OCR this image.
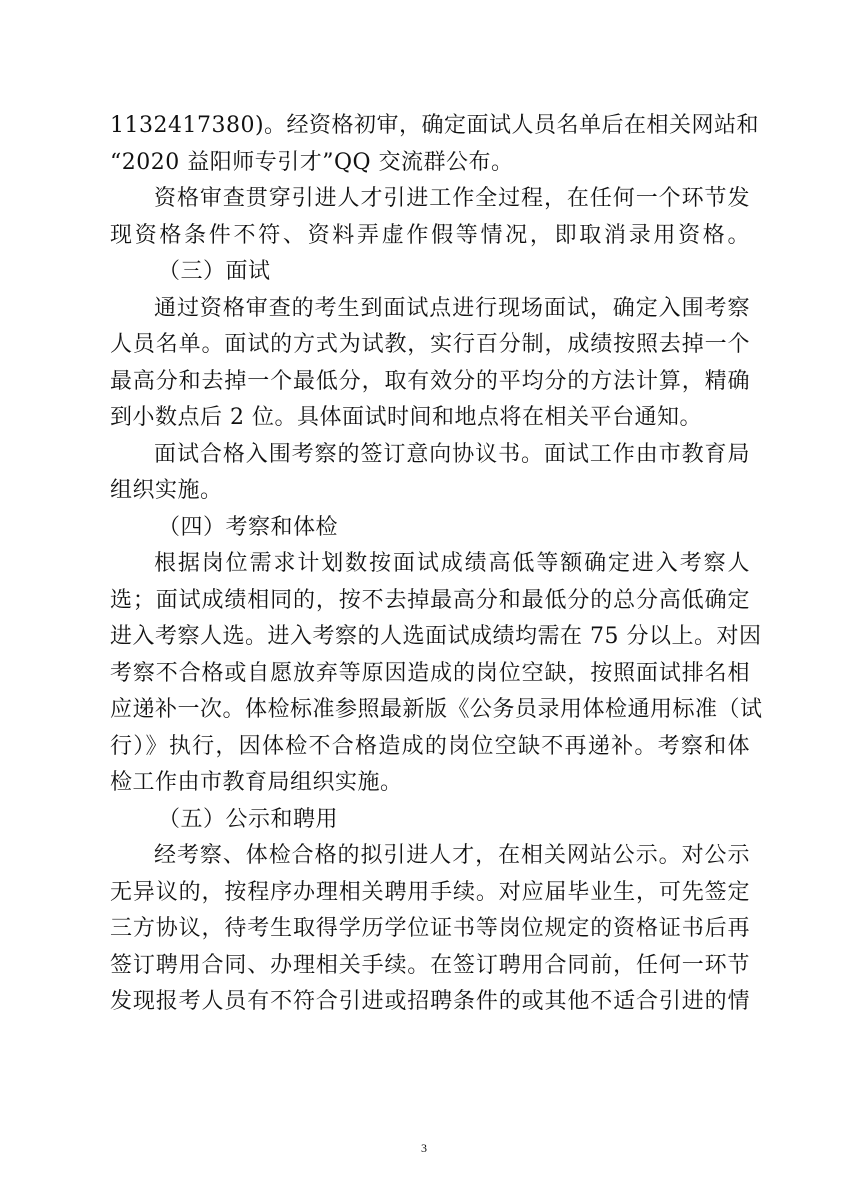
1132417380)。经资格初审，确定面试人员名单后在相关网站和
“2020 益阳师专引才”QQ 交流群公布。
资格审查贯穿引进人才引进工作全过程，在任何一个环节发
现资格条件不符、资料弄虚作假等情况，即取消录用资格。
（三）面试
通过资格审查的考生到面试点进行现场面试，确定入围考察
人员名单。面试的方式为试教，实行百分制，成绩按照去掉一个
最高分和去掉一个最低分，取有效分的平均分的方法计算，精确
到小数点后 2 位。具体面试时间和地点将在相关平台通知。
面试合格入围考察的签订意向协议书。面试工作由市教育局
组织实施。
（四）考察和体检
根据岗位需求计划数按面试成绩高低等额确定进入考察人
选；面试成绩相同的，按不去掉最高分和最低分的总分高低确定
进入考察人选。进入考察的人选面试成绩均需在 75 分以上。对因
考察不合格或自愿放弃等原因造成的岗位空缺，按照面试排名相
应递补一次。体检标准参照最新版《公务员录用体检通用标准（试
行）》执行，因体检不合格造成的岗位空缺不再递补。考察和体
检工作由市教育局组织实施。
（五）公示和聘用
经考察、体检合格的拟引进人才，在相关网站公示。对公示
无异议的，按程序办理相关聘用手续。对应届毕业生，可先签定
三方协议，待考生取得学历学位证书等岗位规定的资格证书后再
签订聘用合同、办理相关手续。在签订聘用合同前，任何一环节
发现报考人员有不符合引进或招聘条件的或其他不适合引进的情
3
